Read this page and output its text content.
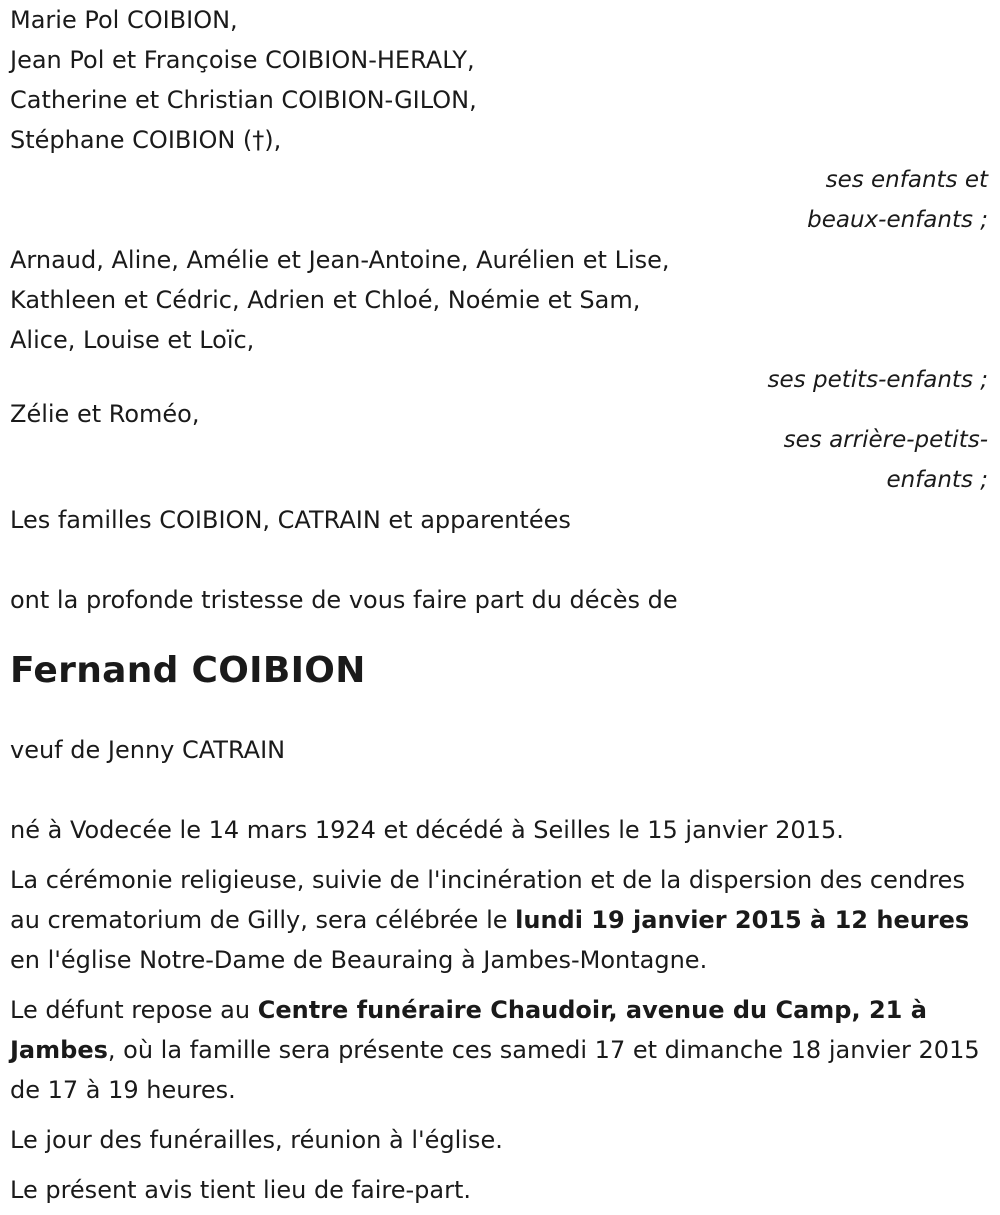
Marie Pol COIBION,
Jean Pol et Françoise COIBION-HERALY,
Catherine et Christian COIBION-GILON,
Stéphane COIBION (†),
ses enfants et
beaux-enfants ;
Arnaud, Aline, Amélie et Jean-Antoine, Aurélien et Lise,
Kathleen et Cédric, Adrien et Chloé, Noémie et Sam,
Alice, Louise et Loïc,
ses petits-enfants ;
Zélie et Roméo,
ses arrière-petits-
enfants ;
Les familles COIBION, CATRAIN et apparentées
ont la profonde tristesse de vous faire part du décès de
Fernand COIBION
veuf de Jenny CATRAIN
né à Vodecée le 14 mars 1924 et décédé à Seilles le 15 janvier 2015.
La cérémonie religieuse, suivie de l'incinération et de la dispersion des cendres au crematorium de Gilly, sera célébrée le lundi 19 janvier 2015 à 12 heures en l'église Notre-Dame de Beauraing à Jambes-Montagne.
Le défunt repose au Centre funéraire Chaudoir, avenue du Camp, 21 à Jambes, où la famille sera présente ces samedi 17 et dimanche 18 janvier 2015 de 17 à 19 heures.
Le jour des funérailles, réunion à l'église.
Le présent avis tient lieu de faire-part.
